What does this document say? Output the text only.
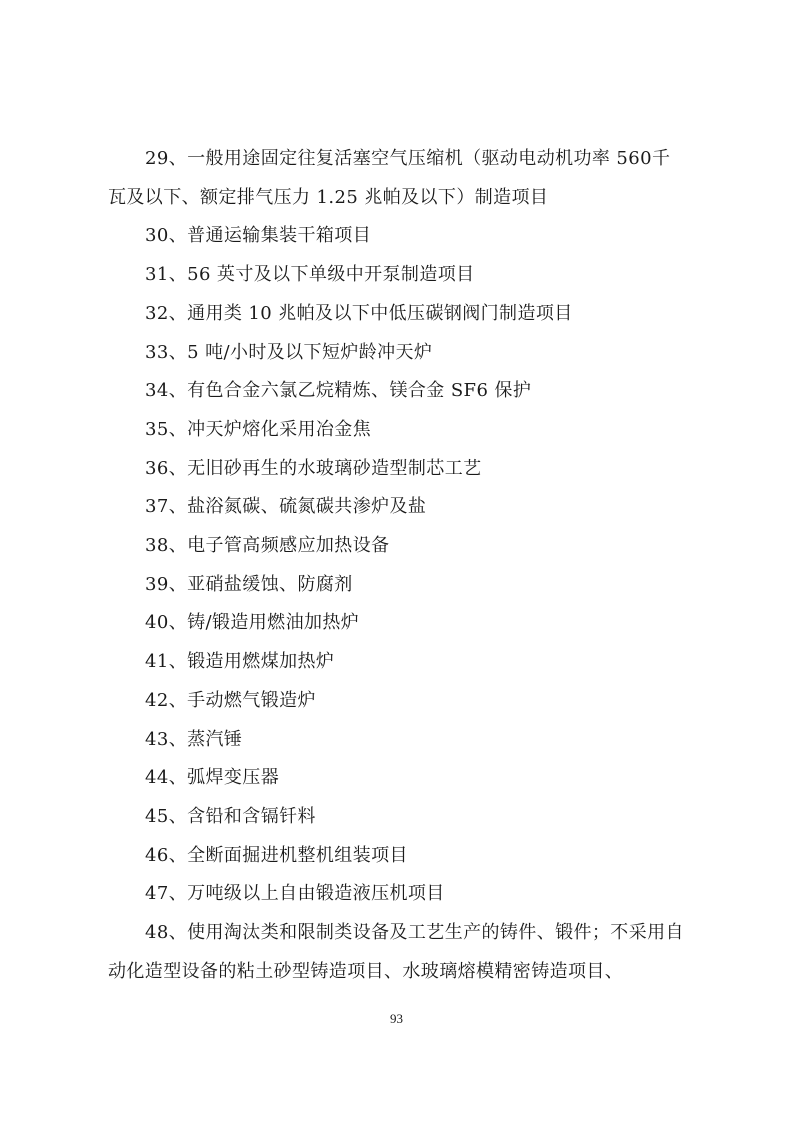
29、一般用途固定往复活塞空气压缩机（驱动电动机功率 560千瓦及以下、额定排气压力 1.25 兆帕及以下）制造项目

30、普通运输集装干箱项目

31、56 英寸及以下单级中开泵制造项目

32、通用类 10 兆帕及以下中低压碳钢阀门制造项目

33、5 吨/小时及以下短炉龄冲天炉

34、有色合金六氯乙烷精炼、镁合金 SF6 保护

35、冲天炉熔化采用冶金焦

36、无旧砂再生的水玻璃砂造型制芯工艺

37、盐浴氮碳、硫氮碳共渗炉及盐

38、电子管高频感应加热设备

39、亚硝盐缓蚀、防腐剂

40、铸/锻造用燃油加热炉

41、锻造用燃煤加热炉

42、手动燃气锻造炉

43、蒸汽锤

44、弧焊变压器

45、含铅和含镉钎料

46、全断面掘进机整机组装项目

47、万吨级以上自由锻造液压机项目

48、使用淘汰类和限制类设备及工艺生产的铸件、锻件；不采用自动化造型设备的粘土砂型铸造项目、水玻璃熔模精密铸造项目、

93
